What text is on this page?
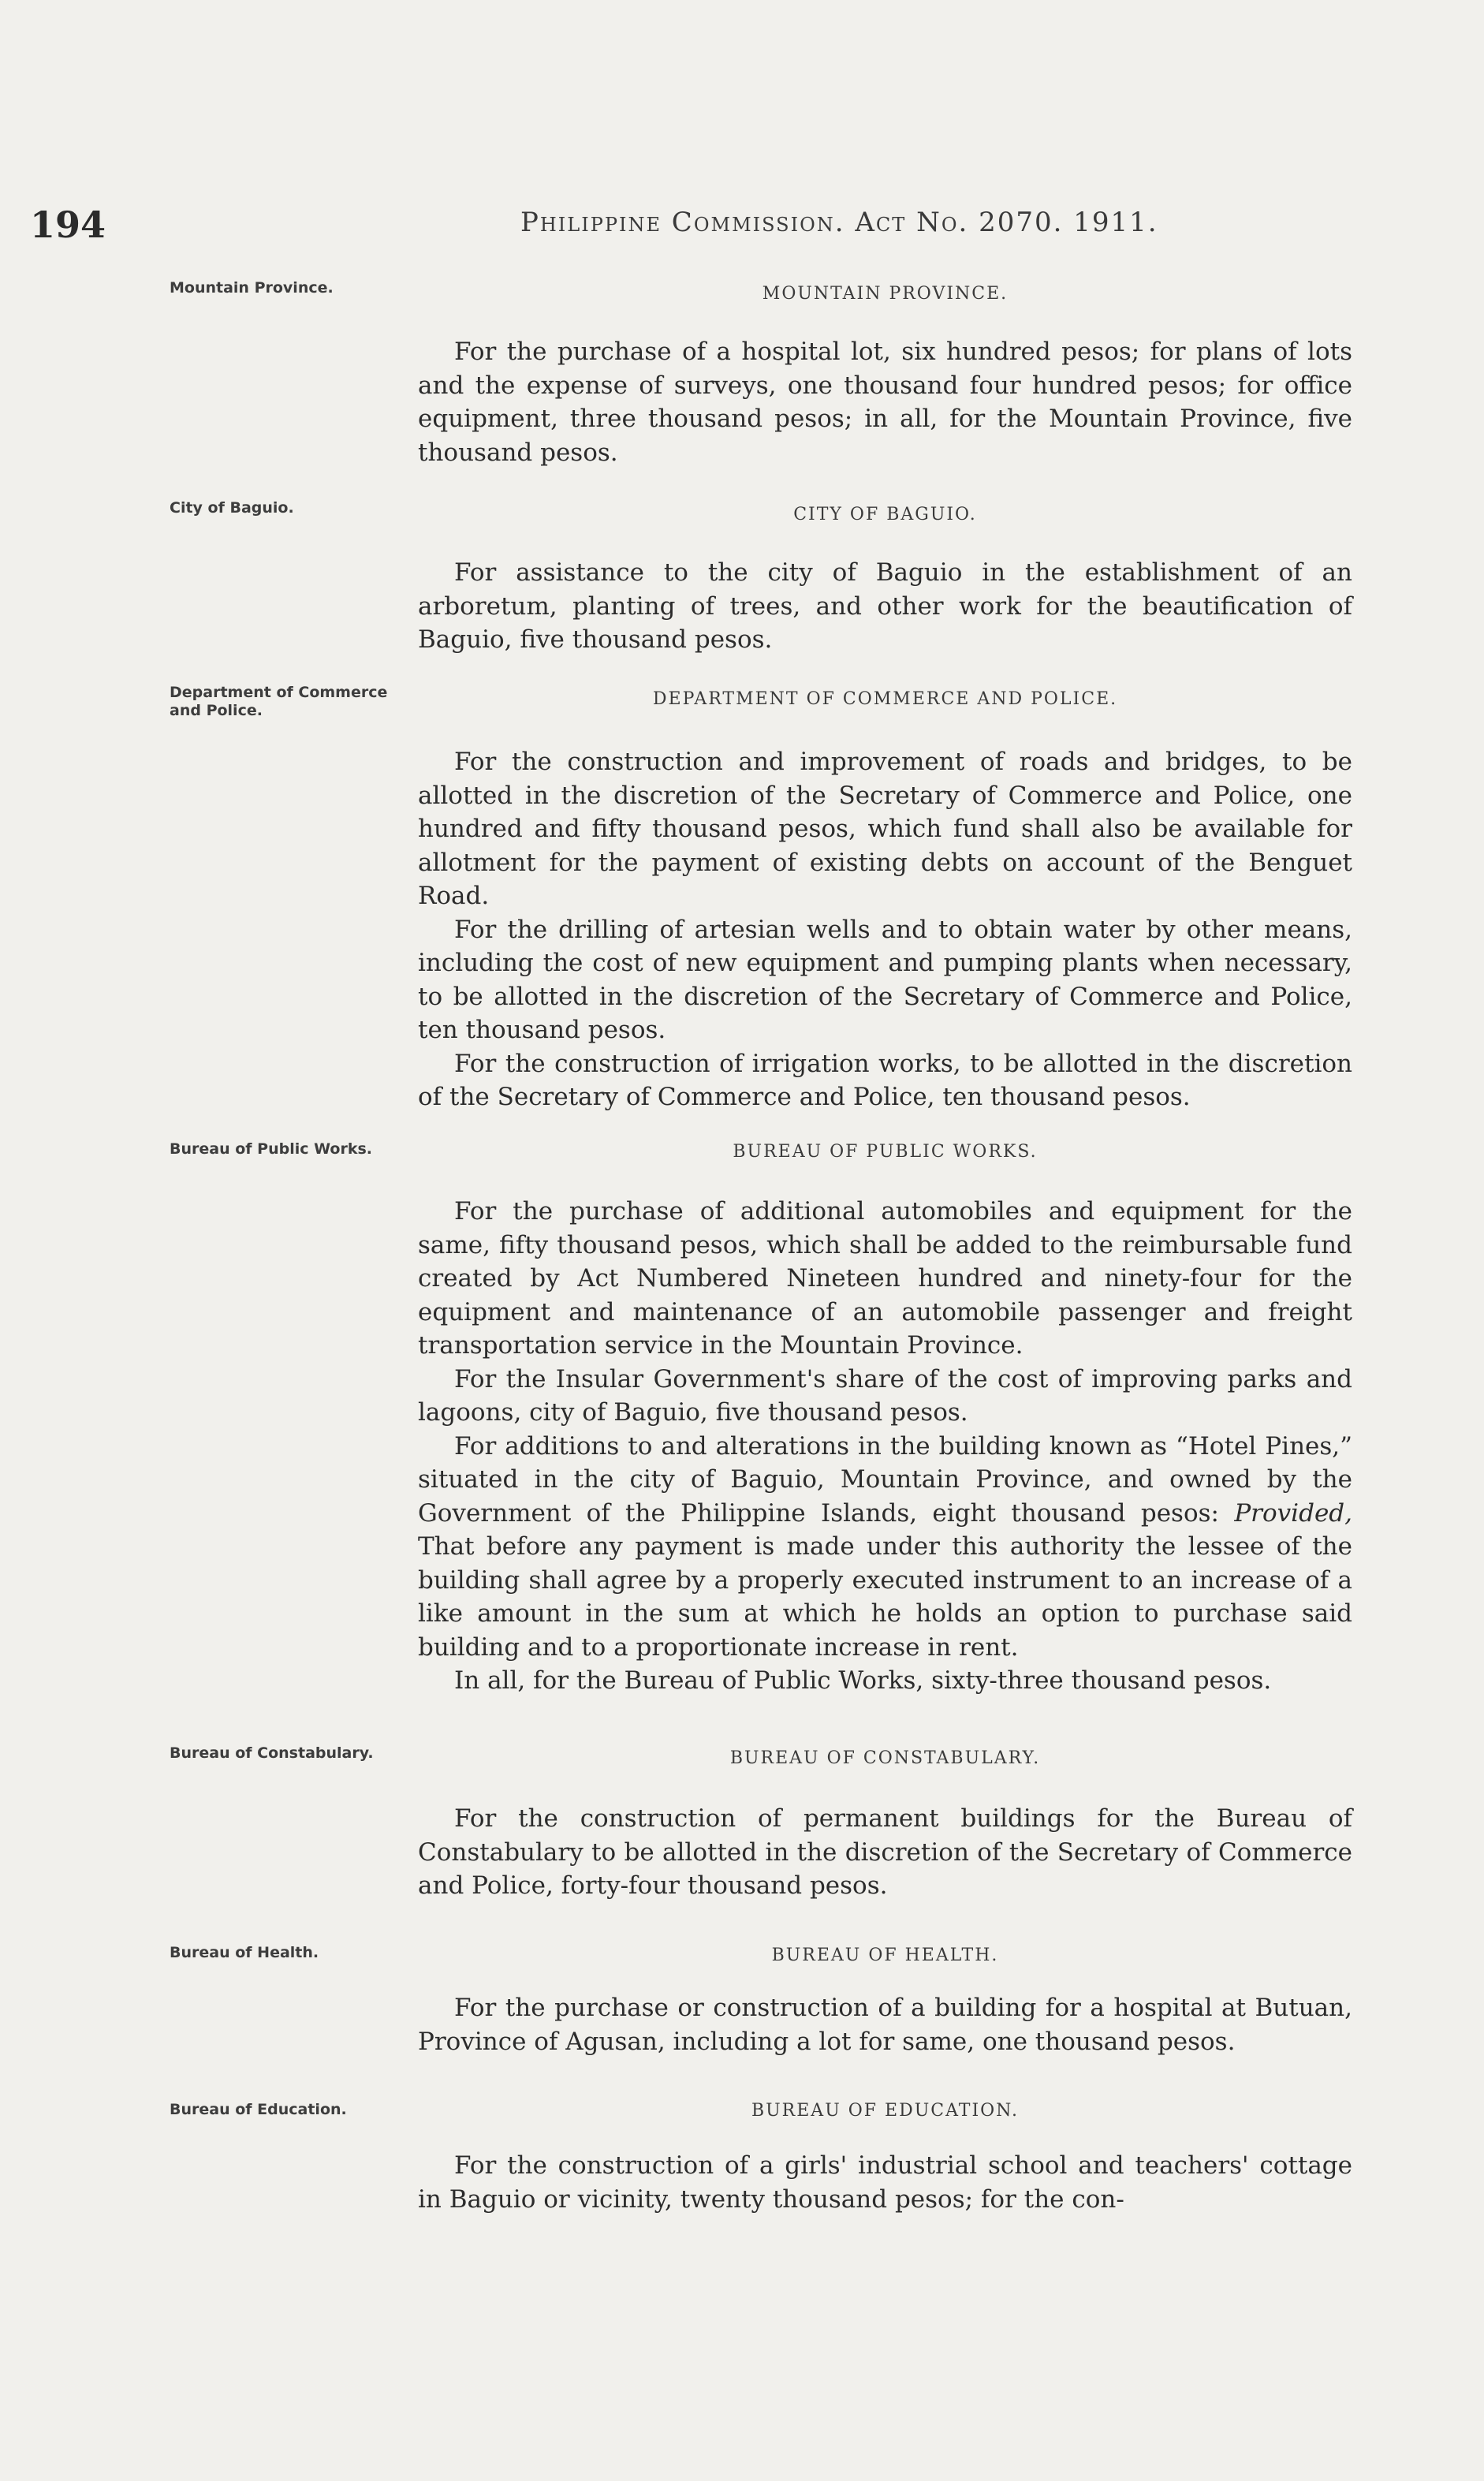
194	Philippine Commission. Act No. 2070. 1911.

Mountain Province.	MOUNTAIN PROVINCE.

For the purchase of a hospital lot, six hundred pesos; for plans of lots and the expense of surveys, one thousand four hundred pesos; for office equipment, three thousand pesos; in all, for the Mountain Province, five thousand pesos.

City of Baguio.	CITY OF BAGUIO.

For assistance to the city of Baguio in the establishment of an arboretum, planting of trees, and other work for the beautification of Baguio, five thousand pesos.

Department of Commerce and Police.

DEPARTMENT OF COMMERCE AND POLICE.

For the construction and improvement of roads and bridges, to be allotted in the discretion of the Secretary of Commerce and Police, one hundred and fifty thousand pesos, which fund shall also be available for allotment for the payment of existing debts on account of the Benguet Road.

For the drilling of artesian wells and to obtain water by other means, including the cost of new equipment and pumping plants when necessary, to be allotted in the discretion of the Secretary of Commerce and Police, ten thousand pesos.

For the construction of irrigation works, to be allotted in the discretion of the Secretary of Commerce and Police, ten thousand pesos.

Bureau of Public Works.	BUREAU OF PUBLIC WORKS.

For the purchase of additional automobiles and equipment for the same, fifty thousand pesos, which shall be added to the reimbursable fund created by Act Numbered Nineteen hundred and ninety-four for the equipment and maintenance of an automobile passenger and freight transportation service in the Mountain Province.

For the Insular Government's share of the cost of improving parks and lagoons, city of Baguio, five thousand pesos.

For additions to and alterations in the building known as “Hotel Pines,” situated in the city of Baguio, Mountain Province, and owned by the Government of the Philippine Islands, eight thousand pesos: Provided, That before any payment is made under this authority the lessee of the building shall agree by a properly executed instrument to an increase of a like amount in the sum at which he holds an option to purchase said building and to a proportionate increase in rent.

In all, for the Bureau of Public Works, sixty-three thousand pesos.

Bureau of Constabulary.	BUREAU OF CONSTABULARY.

For the construction of permanent buildings for the Bureau of Constabulary to be allotted in the discretion of the Secretary of Commerce and Police, forty-four thousand pesos.

Bureau of Health.	BUREAU OF HEALTH.

For the purchase or construction of a building for a hospital at Butuan, Province of Agusan, including a lot for same, one thousand pesos.

Bureau of Education.	BUREAU OF EDUCATION.

For the construction of a girls' industrial school and teachers' cottage in Baguio or vicinity, twenty thousand pesos; for the con-
